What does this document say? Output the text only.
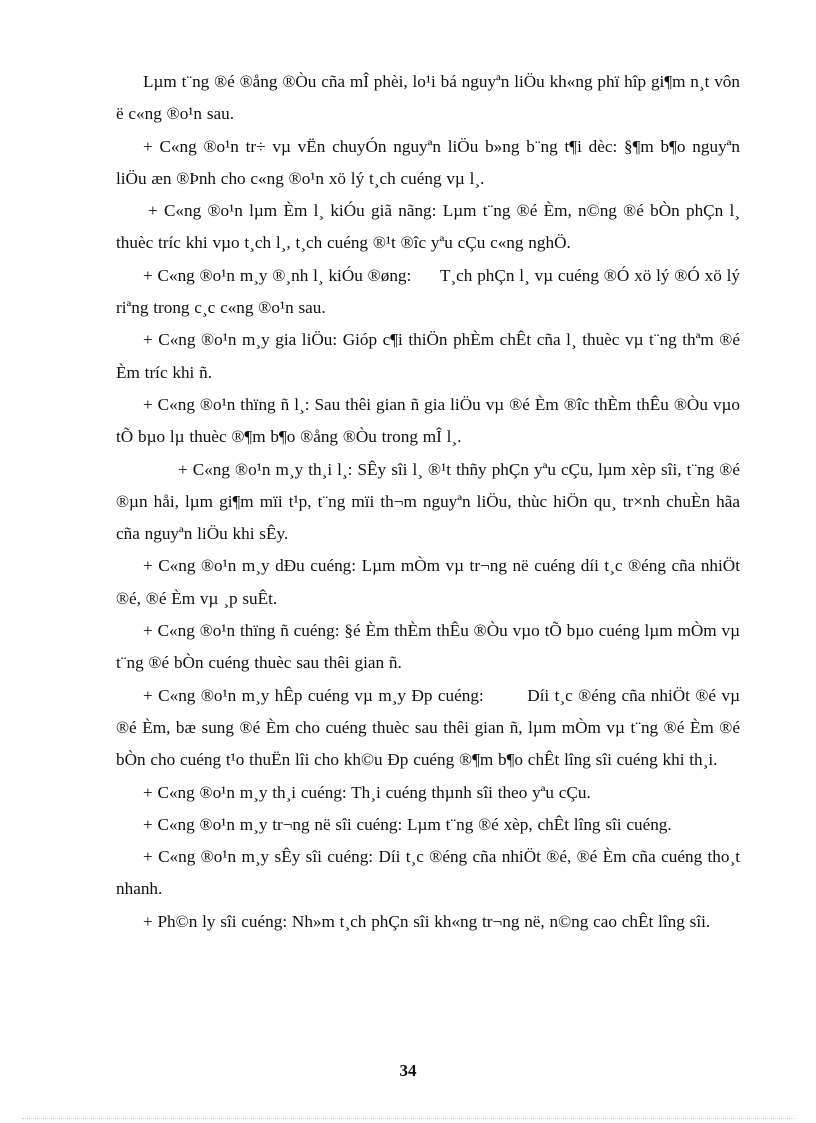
Lµm t¨ng ®é ®ång ®Òu cña mÎ phèi, lo¹i bá nguyªn liÖu kh«ng phï hîp gi¶m n¸t vôn ë c«ng ®o¹n sau.

+ C«ng ®o¹n tr÷ vµ vËn chuyÓn nguyªn liÖu b»ng b¨ng t¶i dèc: §¶m b¶o nguyªn liÖu æn ®Þnh cho c«ng ®o¹n xö lý t¸ch cuéng vµ l¸.

+ C«ng ®o¹n lµm Èm l¸ kiÓu giã nãng: Lµm t¨ng ®é Èm, n©ng ®é bÒn phÇn l¸ thuèc tríc khi vµo t¸ch l¸, t¸ch cuéng ®¹t ®îc yªu cÇu c«ng nghÖ.

+ C«ng ®o¹n m¸y ®¸nh l¸ kiÓu ®øng:      T¸ch phÇn l¸ vµ cuéng ®Ó xö lý ®Ó xö lý riªng trong c¸c c«ng ®o¹n sau.

+ C«ng ®o¹n m¸y gia liÖu: Gióp c¶i thiÖn phÈm chÊt cña l¸ thuèc vµ t¨ng thªm ®é Èm tríc khi ñ.

+ C«ng ®o¹n thïng ñ l¸: Sau thêi gian ñ gia liÖu vµ ®é Èm ®îc thÈm thÊu ®Òu vµo tÕ bµo lµ thuèc ®¶m b¶o ®ång ®Òu trong mÎ l¸.

+ C«ng ®o¹n m¸y th¸i l¸: SÊy sîi l¸ ®¹t thñy phÇn yªu cÇu, lµm xèp sîi, t¨ng ®é ®µn håi, lµm gi¶m mïi t¹p, t¨ng mïi th¬m nguyªn liÖu, thùc hiÖn qu¸ tr×nh chuÈn hãa cña nguyªn liÖu khi sÊy.

+ C«ng ®o¹n m¸y dÐu cuéng: Lµm mÒm vµ tr¬ng në cuéng díi t¸c ®éng cña nhiÖt ®é, ®é Èm vµ ¸p suÊt.

+ C«ng ®o¹n thïng ñ cuéng: §é Èm thÈm thÊu ®Òu vµo tÕ bµo cuéng lµm mÒm vµ t¨ng ®é bÒn cuéng thuèc sau thêi gian ñ.

+ C«ng ®o¹n m¸y hÊp cuéng vµ m¸y Ðp cuéng:        Díi t¸c ®éng cña nhiÖt ®é vµ ®é Èm, bæ sung ®é Èm cho cuéng thuèc sau thêi gian ñ, lµm mÒm vµ t¨ng ®é Èm ®é bÒn cho cuéng t¹o thuËn lîi cho kh©u Ðp cuéng ®¶m b¶o chÊt lîng sîi cuéng khi th¸i.

+ C«ng ®o¹n m¸y th¸i cuéng: Th¸i cuéng thµnh sîi theo yªu cÇu.

+ C«ng ®o¹n m¸y tr¬ng në sîi cuéng: Lµm t¨ng ®é xèp, chÊt lîng sîi cuéng.

+ C«ng ®o¹n m¸y sÊy sîi cuéng: Díi t¸c ®éng cña nhiÖt ®é, ®é Èm cña cuéng tho¸t nhanh.

+ Ph©n ly sîi cuéng: Nh»m t¸ch phÇn sîi kh«ng tr¬ng në, n©ng cao chÊt lîng sîi.

34
